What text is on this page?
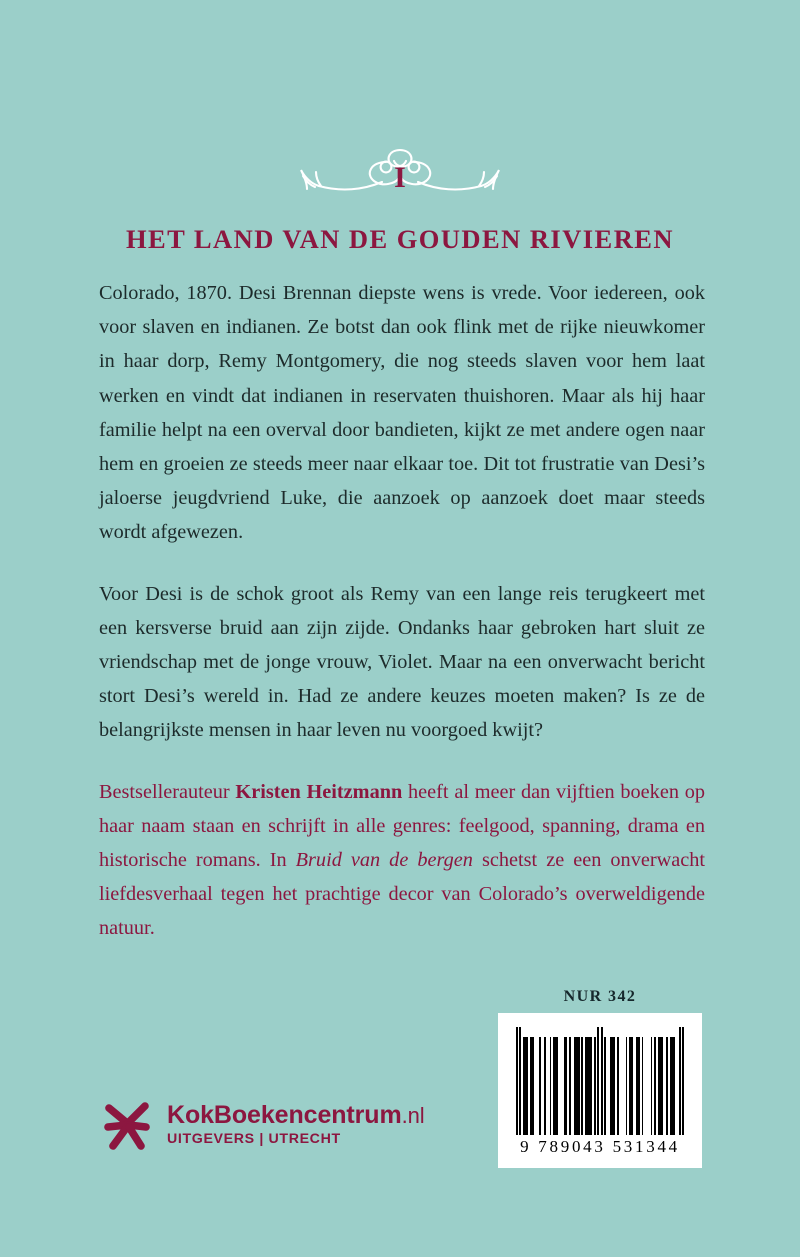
I
HET LAND VAN DE GOUDEN RIVIEREN

Colorado, 1870. Desi Brennan diepste wens is vrede. Voor iedereen, ook voor slaven en indianen. Ze botst dan ook flink met de rijke nieuwkomer in haar dorp, Remy Montgomery, die nog steeds slaven voor hem laat werken en vindt dat indianen in reservaten thuishoren. Maar als hij haar familie helpt na een overval door bandieten, kijkt ze met andere ogen naar hem en groeien ze steeds meer naar elkaar toe. Dit tot frustratie van Desi’s jaloerse jeugdvriend Luke, die aanzoek op aanzoek doet maar steeds wordt afgewezen.

Voor Desi is de schok groot als Remy van een lange reis terugkeert met een kersverse bruid aan zijn zijde. Ondanks haar gebroken hart sluit ze vriendschap met de jonge vrouw, Violet. Maar na een onverwacht bericht stort Desi’s wereld in. Had ze andere keuzes moeten maken? Is ze de belangrijkste mensen in haar leven nu voorgoed kwijt?

Bestsellerauteur Kristen Heitzmann heeft al meer dan vijftien boeken op haar naam staan en schrijft in alle genres: feelgood, spanning, drama en historische romans. In Bruid van de bergen schetst ze een onverwacht liefdesverhaal tegen het prachtige decor van Colorado’s overweldigende natuur.

NUR 342
9 789043 531344
KokBoekencentrum.nl
UITGEVERS | UTRECHT
